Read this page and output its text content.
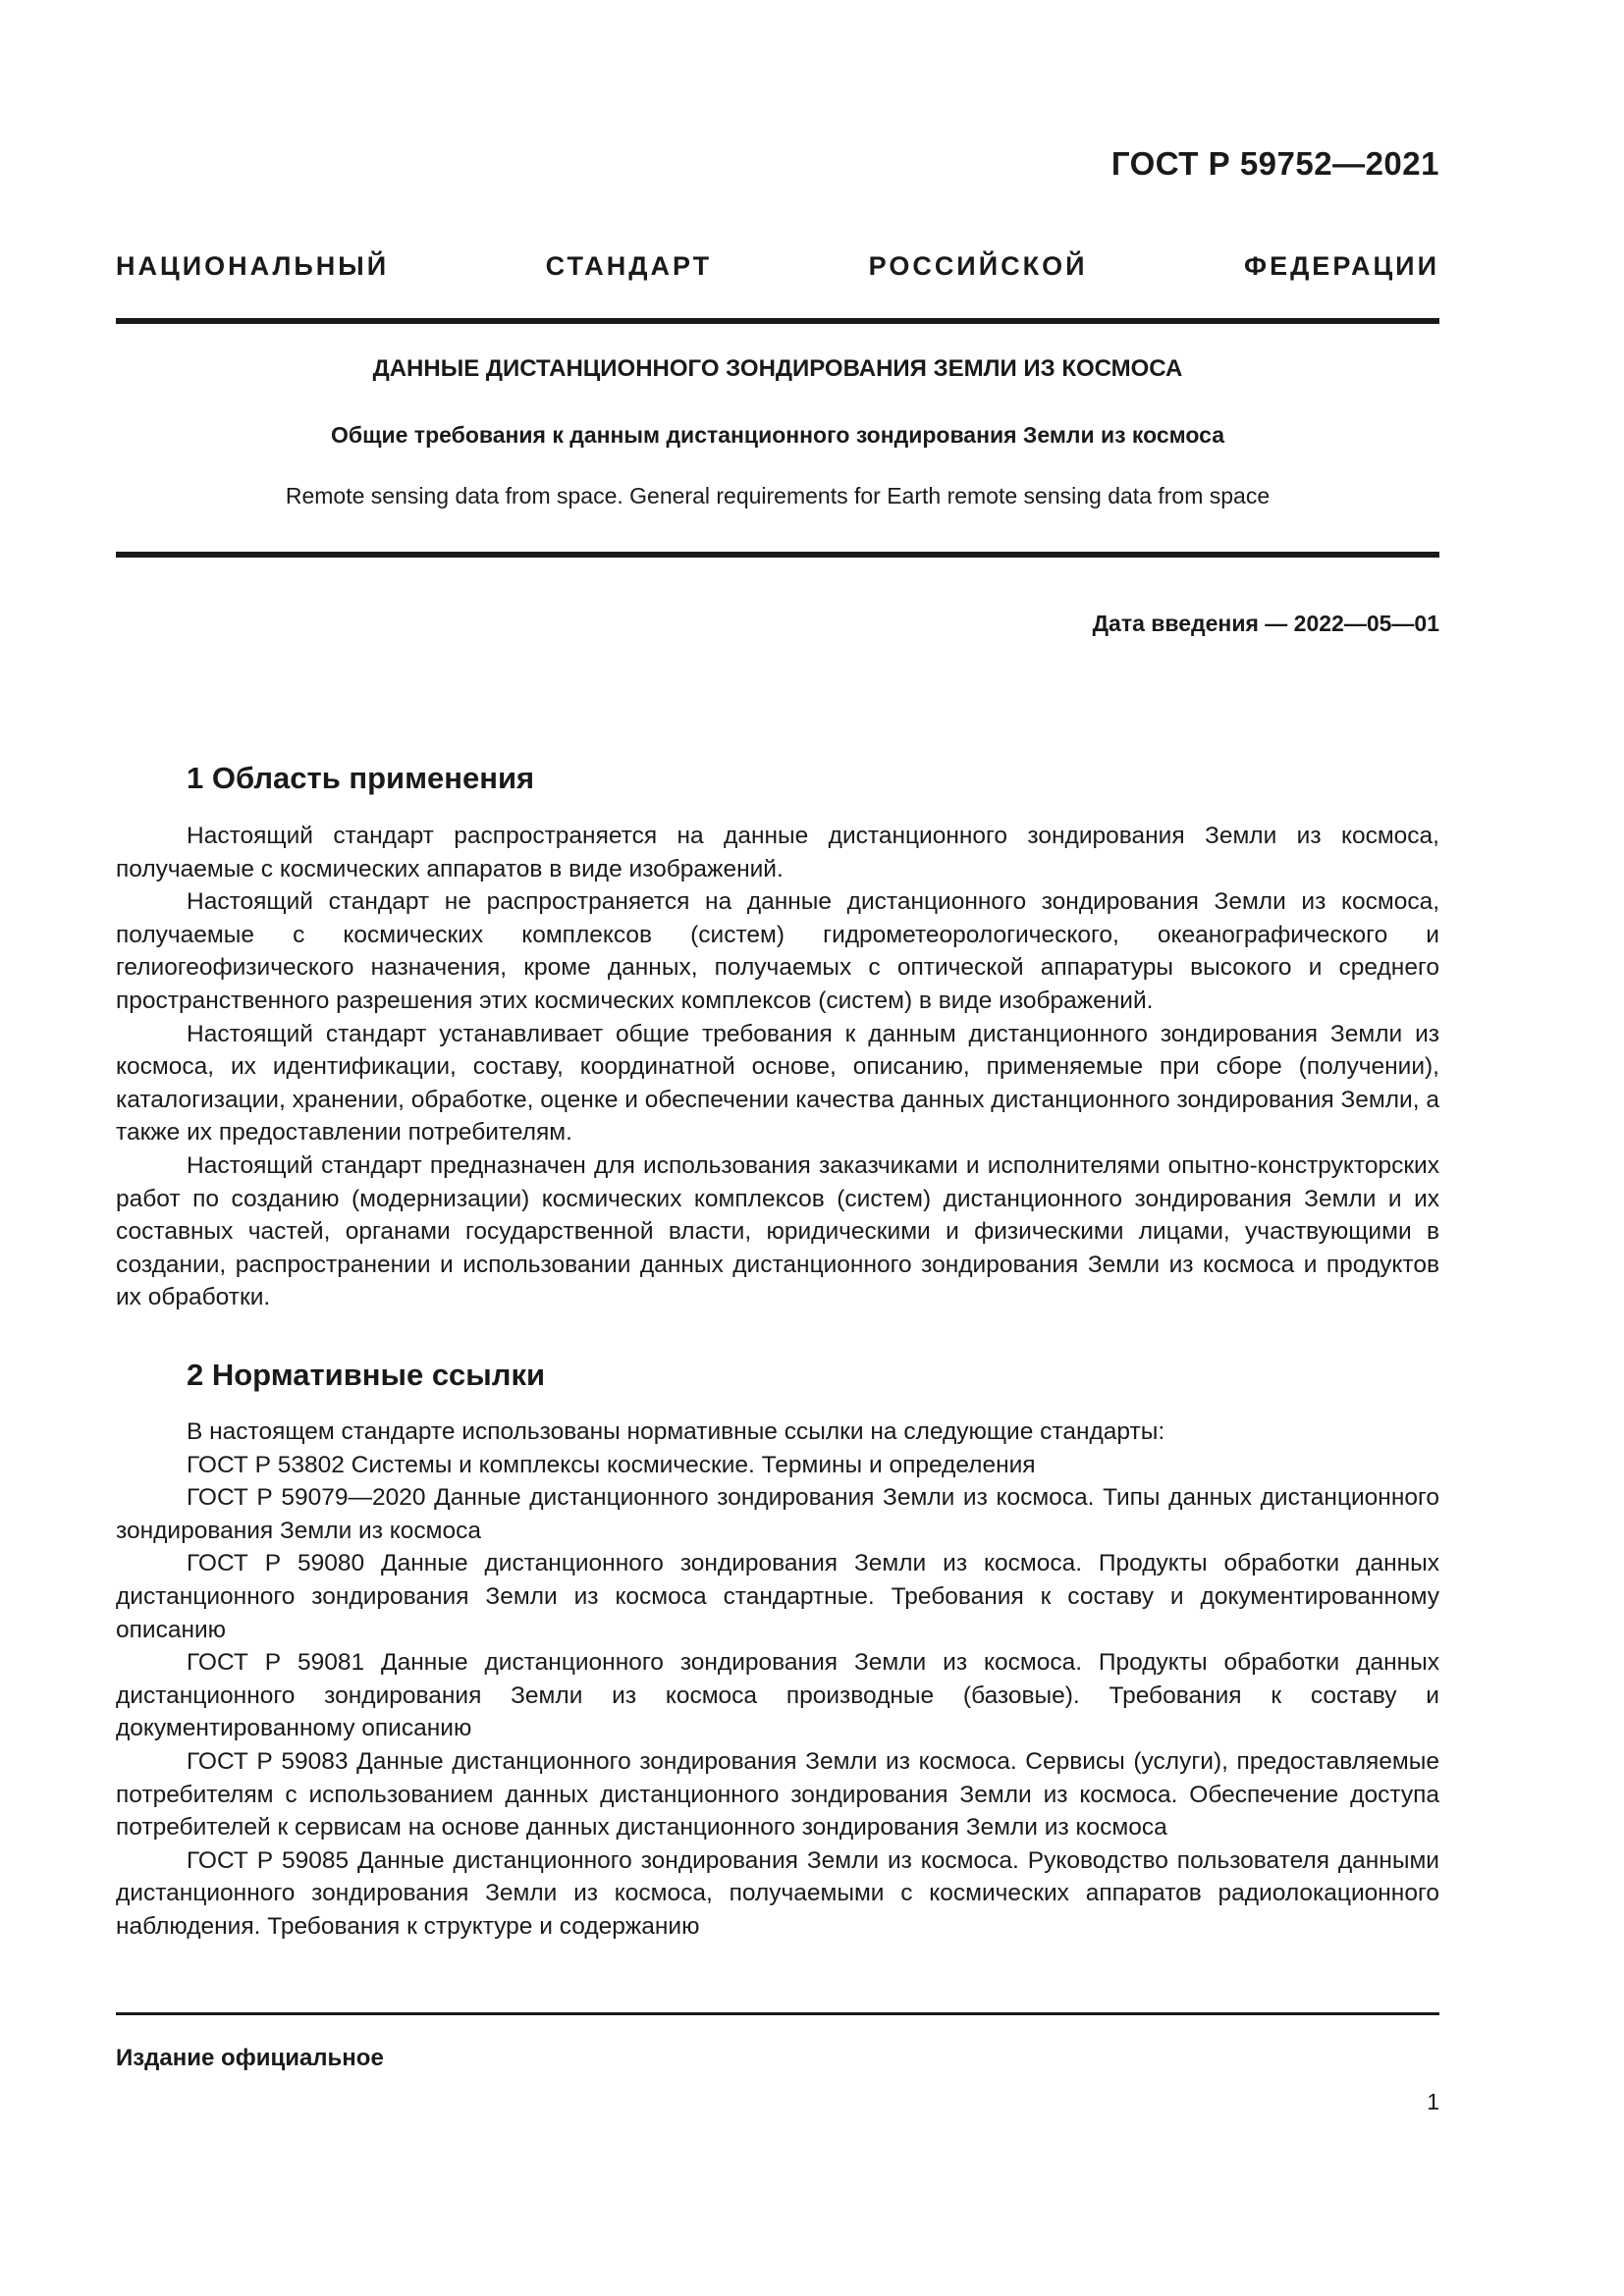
ГОСТ Р 59752—2021

НАЦИОНАЛЬНЫЙ СТАНДАРТ РОССИЙСКОЙ ФЕДЕРАЦИИ

ДАННЫЕ ДИСТАНЦИОННОГО ЗОНДИРОВАНИЯ ЗЕМЛИ ИЗ КОСМОСА
Общие требования к данным дистанционного зондирования Земли из космоса

Remote sensing data from space. General requirements for Earth remote sensing data from space

Дата введения — 2022—05—01

1 Область применения

Настоящий стандарт распространяется на данные дистанционного зондирования Земли из космоса, получаемые с космических аппаратов в виде изображений.

Настоящий стандарт не распространяется на данные дистанционного зондирования Земли из космоса, получаемые с космических комплексов (систем) гидрометеорологического, океанографического и гелиогеофизического назначения, кроме данных, получаемых с оптической аппаратуры высокого и среднего пространственного разрешения этих космических комплексов (систем) в виде изображений.

Настоящий стандарт устанавливает общие требования к данным дистанционного зондирования Земли из космоса, их идентификации, составу, координатной основе, описанию, применяемые при сборе (получении), каталогизации, хранении, обработке, оценке и обеспечении качества данных дистанционного зондирования Земли, а также их предоставлении потребителям.

Настоящий стандарт предназначен для использования заказчиками и исполнителями опытно-конструкторских работ по созданию (модернизации) космических комплексов (систем) дистанционного зондирования Земли и их составных частей, органами государственной власти, юридическими и физическими лицами, участвующими в создании, распространении и использовании данных дистанционного зондирования Земли из космоса и продуктов их обработки.

2 Нормативные ссылки

В настоящем стандарте использованы нормативные ссылки на следующие стандарты:

ГОСТ Р 53802 Системы и комплексы космические. Термины и определения

ГОСТ Р 59079—2020 Данные дистанционного зондирования Земли из космоса. Типы данных дистанционного зондирования Земли из космоса

ГОСТ Р 59080 Данные дистанционного зондирования Земли из космоса. Продукты обработки данных дистанционного зондирования Земли из космоса стандартные. Требования к составу и документированному описанию

ГОСТ Р 59081 Данные дистанционного зондирования Земли из космоса. Продукты обработки данных дистанционного зондирования Земли из космоса производные (базовые). Требования к составу и документированному описанию

ГОСТ Р 59083 Данные дистанционного зондирования Земли из космоса. Сервисы (услуги), предоставляемые потребителям с использованием данных дистанционного зондирования Земли из космоса. Обеспечение доступа потребителей к сервисам на основе данных дистанционного зондирования Земли из космоса

ГОСТ Р 59085 Данные дистанционного зондирования Земли из космоса. Руководство пользователя данными дистанционного зондирования Земли из космоса, получаемыми с космических аппаратов радиолокационного наблюдения. Требования к структуре и содержанию

Издание официальное

1
